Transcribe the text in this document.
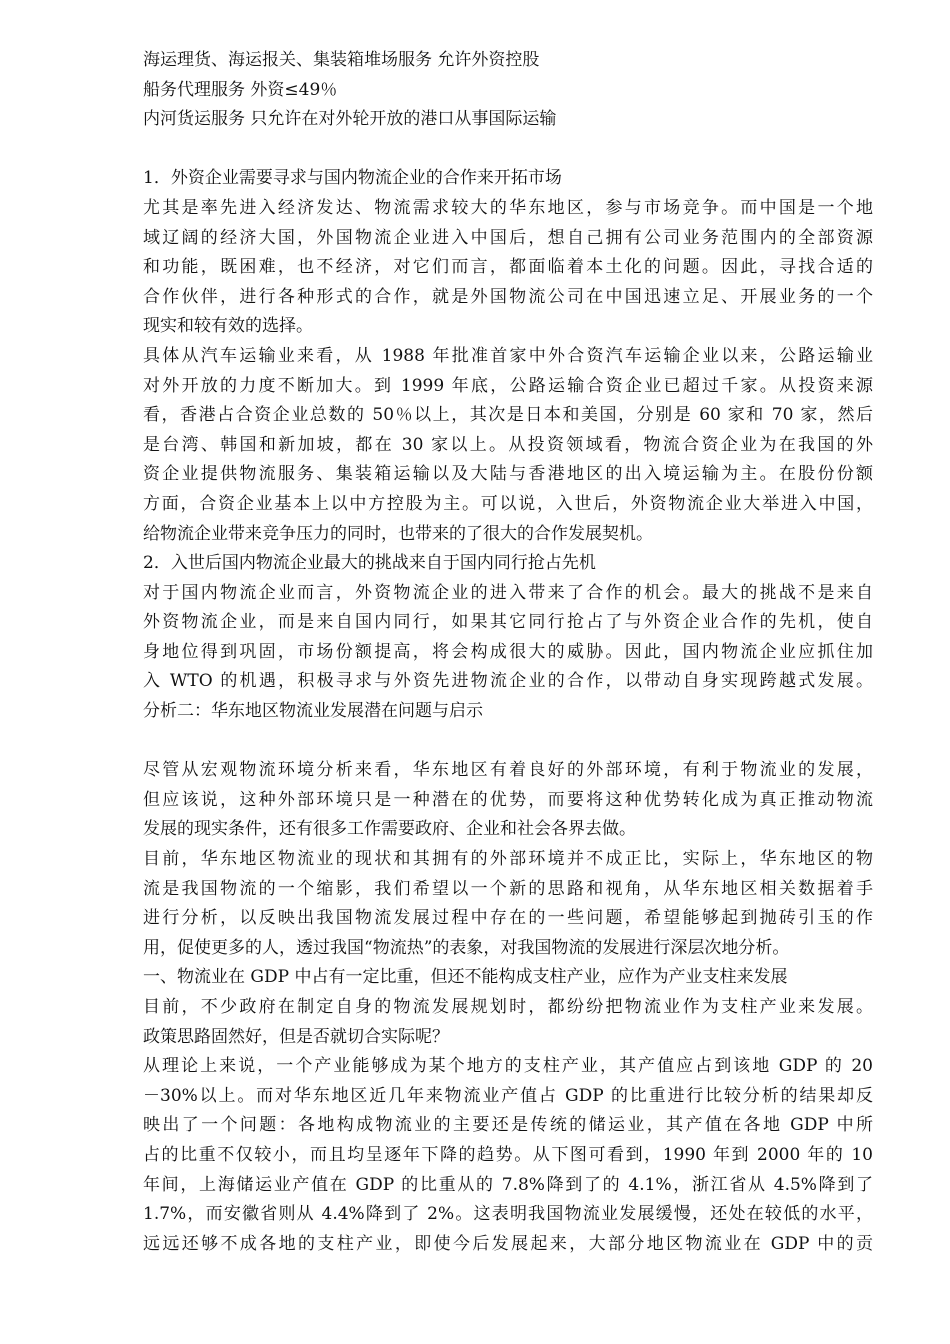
海运理货、海运报关、集装箱堆场服务 允许外资控股
船务代理服务 外资≤49％
内河货运服务 只允许在对外轮开放的港口从事国际运输
1．外资企业需要寻求与国内物流企业的合作来开拓市场
尤其是率先进入经济发达、物流需求较大的华东地区，参与市场竞争。而中国是一个地
域辽阔的经济大国，外国物流企业进入中国后，想自己拥有公司业务范围内的全部资源
和功能，既困难，也不经济，对它们而言，都面临着本土化的问题。因此，寻找合适的
合作伙伴，进行各种形式的合作，就是外国物流公司在中国迅速立足、开展业务的一个
现实和较有效的选择。
具体从汽车运输业来看，从 1988 年批准首家中外合资汽车运输企业以来，公路运输业
对外开放的力度不断加大。到 1999 年底，公路运输合资企业已超过千家。从投资来源
看，香港占合资企业总数的 50％以上，其次是日本和美国，分别是 60 家和 70 家，然后
是台湾、韩国和新加坡，都在 30 家以上。从投资领域看，物流合资企业为在我国的外
资企业提供物流服务、集装箱运输以及大陆与香港地区的出入境运输为主。在股份份额
方面，合资企业基本上以中方控股为主。可以说，入世后，外资物流企业大举进入中国，
给物流企业带来竞争压力的同时，也带来的了很大的合作发展契机。
2．入世后国内物流企业最大的挑战来自于国内同行抢占先机
对于国内物流企业而言，外资物流企业的进入带来了合作的机会。最大的挑战不是来自
外资物流企业，而是来自国内同行，如果其它同行抢占了与外资企业合作的先机，使自
身地位得到巩固，市场份额提高，将会构成很大的威胁。因此，国内物流企业应抓住加
入 WTO 的机遇，积极寻求与外资先进物流企业的合作，以带动自身实现跨越式发展。
分析二：华东地区物流业发展潜在问题与启示
尽管从宏观物流环境分析来看，华东地区有着良好的外部环境，有利于物流业的发展，
但应该说，这种外部环境只是一种潜在的优势，而要将这种优势转化成为真正推动物流
发展的现实条件，还有很多工作需要政府、企业和社会各界去做。
目前，华东地区物流业的现状和其拥有的外部环境并不成正比，实际上，华东地区的物
流是我国物流的一个缩影，我们希望以一个新的思路和视角，从华东地区相关数据着手
进行分析，以反映出我国物流发展过程中存在的一些问题，希望能够起到抛砖引玉的作
用，促使更多的人，透过我国“物流热”的表象，对我国物流的发展进行深层次地分析。
一、物流业在 GDP 中占有一定比重，但还不能构成支柱产业，应作为产业支柱来发展
目前，不少政府在制定自身的物流发展规划时，都纷纷把物流业作为支柱产业来发展。
政策思路固然好，但是否就切合实际呢？
从理论上来说，一个产业能够成为某个地方的支柱产业，其产值应占到该地 GDP 的 20
－30%以上。而对华东地区近几年来物流业产值占 GDP 的比重进行比较分析的结果却反
映出了一个问题：各地构成物流业的主要还是传统的储运业，其产值在各地 GDP 中所
占的比重不仅较小，而且均呈逐年下降的趋势。从下图可看到，1990 年到 2000 年的 10
年间，上海储运业产值在 GDP 的比重从的 7.8%降到了的 4.1%，浙江省从 4.5%降到了
1.7%，而安徽省则从 4.4%降到了 2%。这表明我国物流业发展缓慢，还处在较低的水平，
远远还够不成各地的支柱产业，即使今后发展起来，大部分地区物流业在 GDP 中的贡
